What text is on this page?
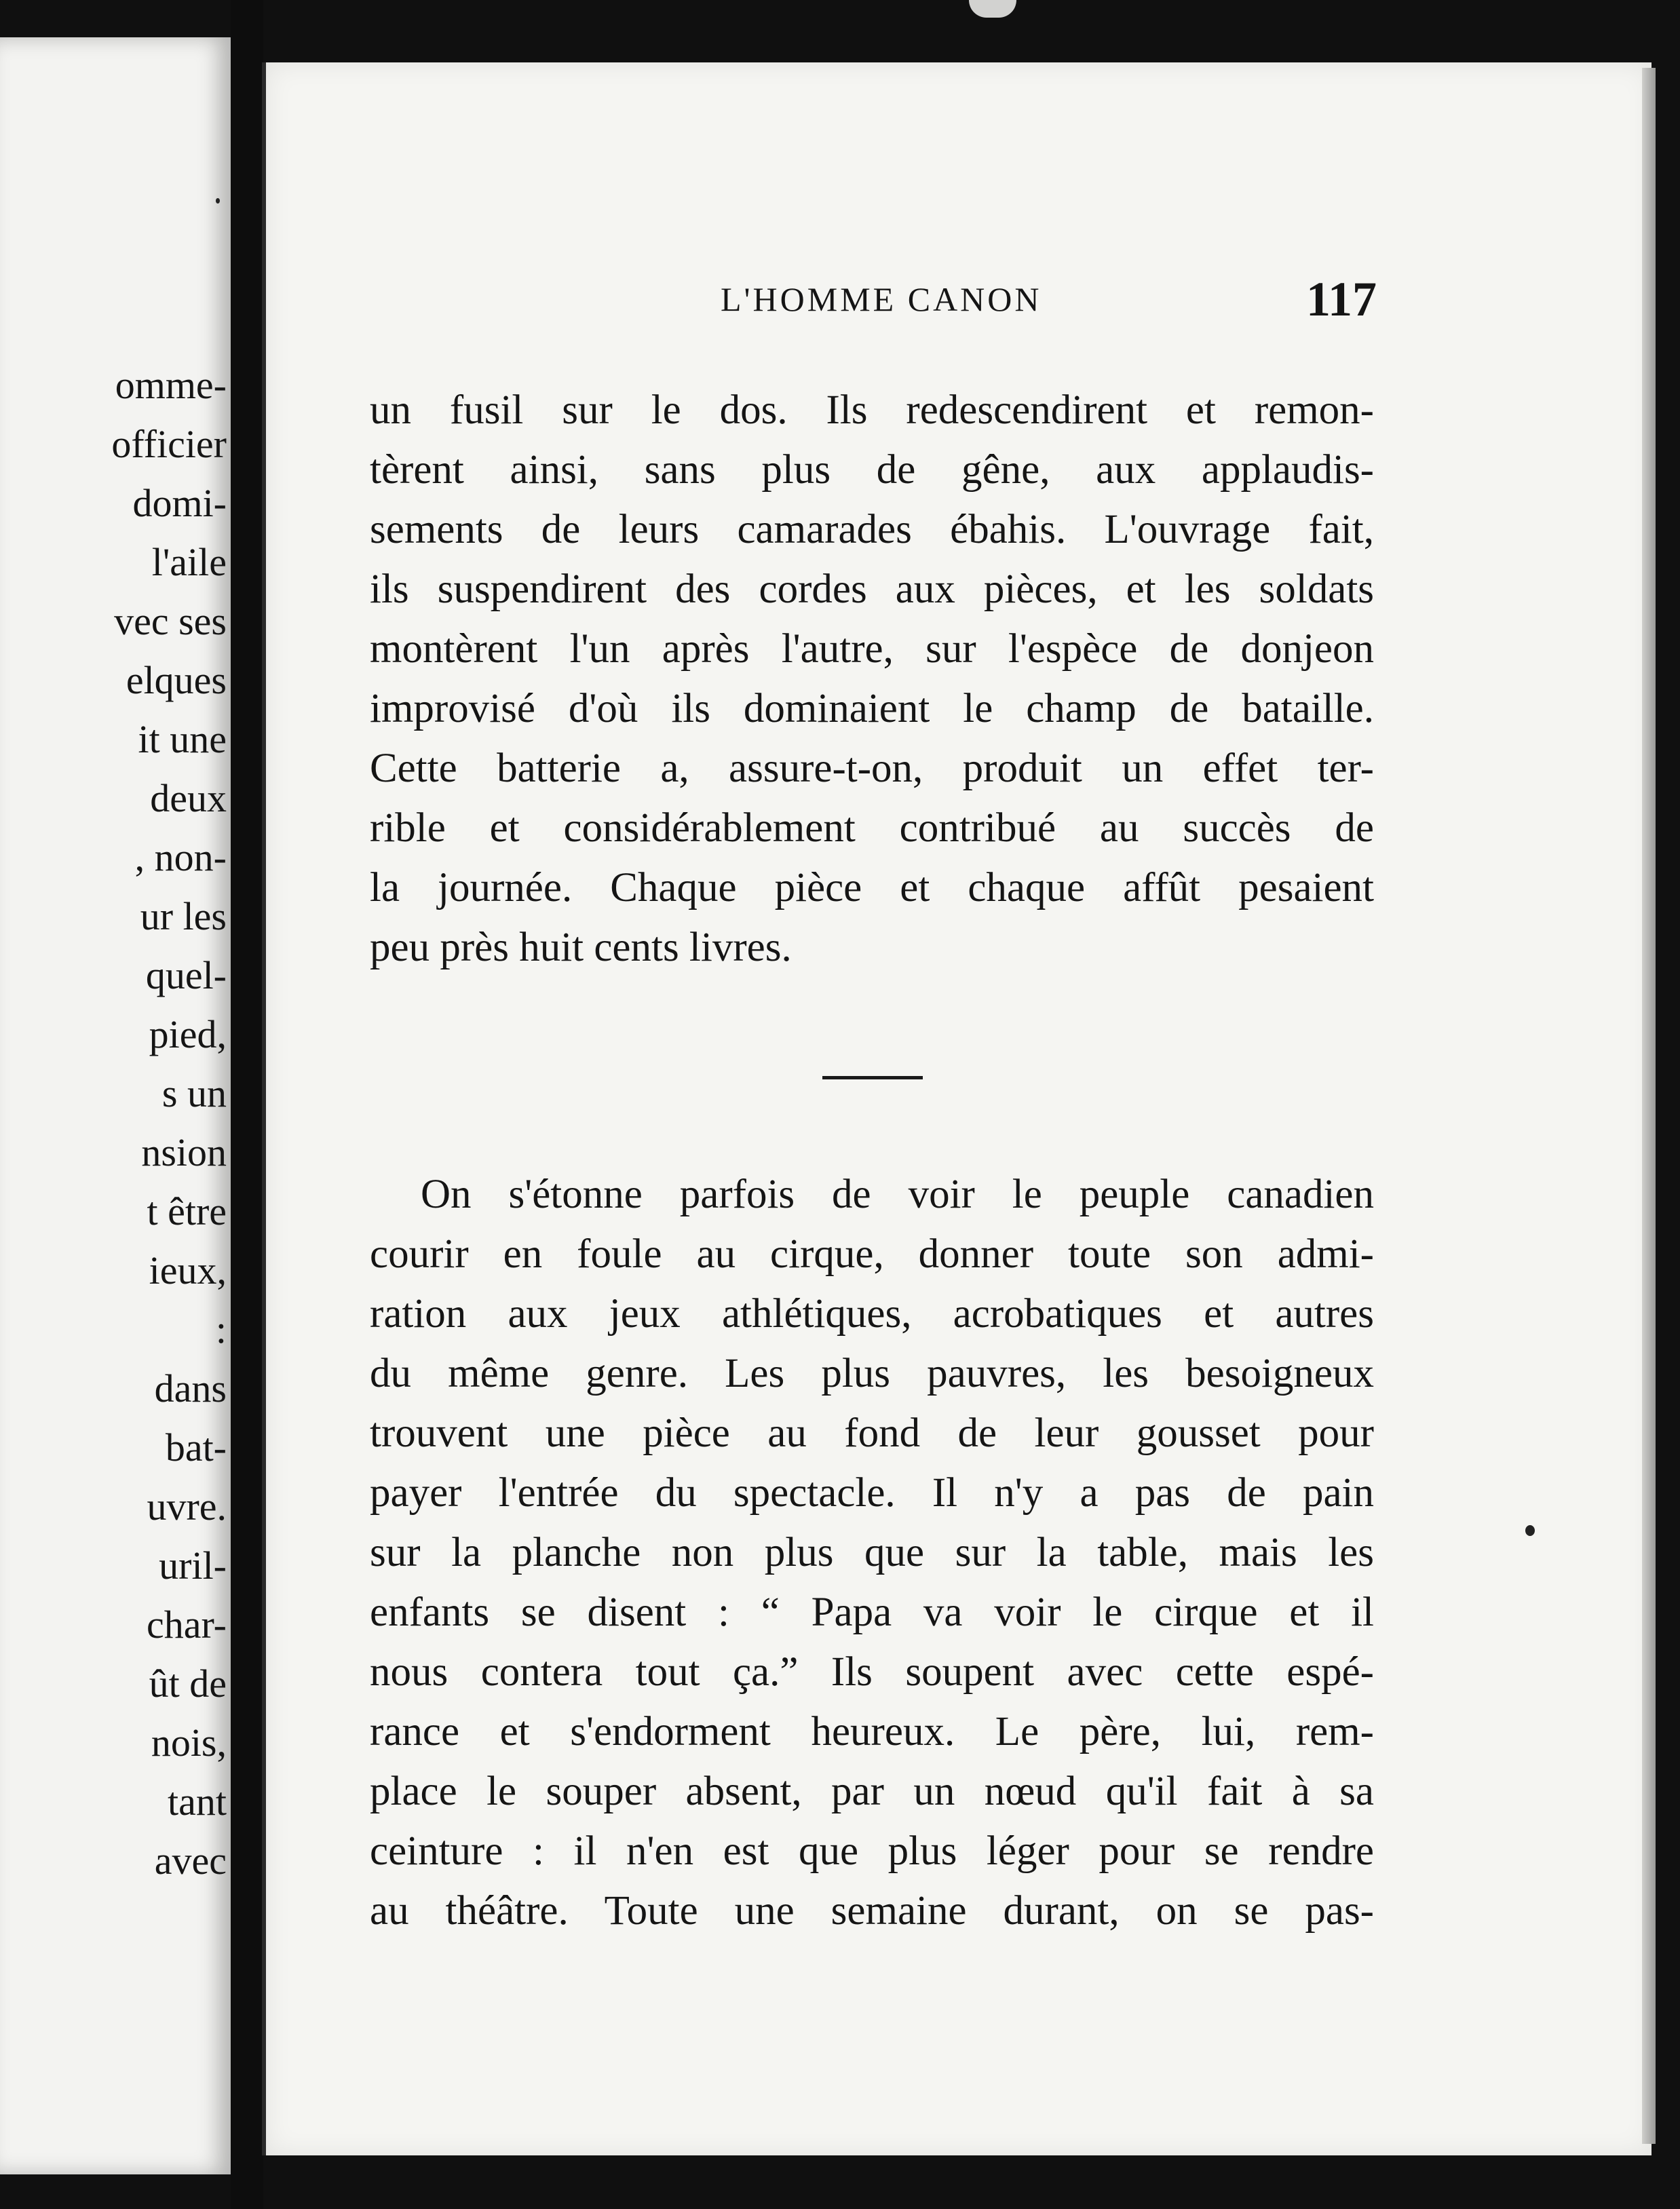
omme-
officier
domi-
l'aile
vec ses
elques
it une
deux
, non-
ur les
quel-
pied,
s un
nsion
t être
ieux,
:
dans
bat-
uvre.
uril-
char-
ût de
nois,
tant
avec
L'HOMME CANON	117
un fusil sur le dos. Ils redescendirent et remon-
tèrent ainsi, sans plus de gêne, aux applaudis-
sements de leurs camarades ébahis. L'ouvrage fait,
ils suspendirent des cordes aux pièces, et les soldats
montèrent l'un après l'autre, sur l'espèce de donjeon
improvisé d'où ils dominaient le champ de bataille.
Cette batterie a, assure-t-on, produit un effet ter-
rible et considérablement contribué au succès de
la journée. Chaque pièce et chaque affût pesaient
peu près huit cents livres.
On s'étonne parfois de voir le peuple canadien
courir en foule au cirque, donner toute son admi-
ration aux jeux athlétiques, acrobatiques et autres
du même genre. Les plus pauvres, les besoigneux
trouvent une pièce au fond de leur gousset pour
payer l'entrée du spectacle. Il n'y a pas de pain
sur la planche non plus que sur la table, mais les
enfants se disent : “ Papa va voir le cirque et il
nous contera tout ça.” Ils soupent avec cette espé-
rance et s'endorment heureux. Le père, lui, rem-
place le souper absent, par un nœud qu'il fait à sa
ceinture : il n'en est que plus léger pour se rendre
au théâtre. Toute une semaine durant, on se pas-
